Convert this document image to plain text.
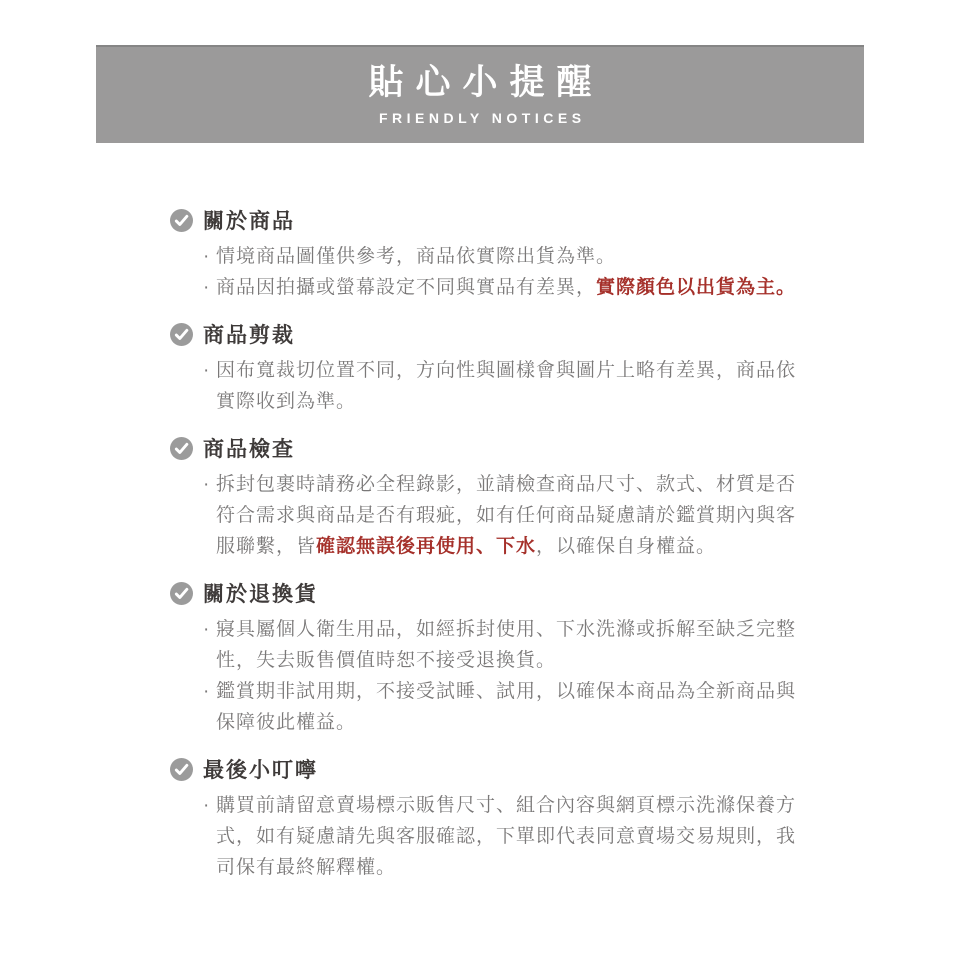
貼心小提醒
FRIENDLY NOTICES
關於商品
· 情境商品圖僅供參考，商品依實際出貨為準。
· 商品因拍攝或螢幕設定不同與實品有差異，實際顏色以出貨為主。
商品剪裁
· 因布寬裁切位置不同，方向性與圖樣會與圖片上略有差異，商品依實際收到為準。
商品檢查
· 拆封包裹時請務必全程錄影，並請檢查商品尺寸、款式、材質是否符合需求與商品是否有瑕疵，如有任何商品疑慮請於鑑賞期內與客服聯繫，皆確認無誤後再使用、下水，以確保自身權益。
關於退換貨
· 寢具屬個人衛生用品，如經拆封使用、下水洗滌或拆解至缺乏完整性，失去販售價值時恕不接受退換貨。
· 鑑賞期非試用期，不接受試睡、試用，以確保本商品為全新商品與保障彼此權益。
最後小叮嚀
· 購買前請留意賣場標示販售尺寸、組合內容與網頁標示洗滌保養方式，如有疑慮請先與客服確認，下單即代表同意賣場交易規則，我司保有最終解釋權。
